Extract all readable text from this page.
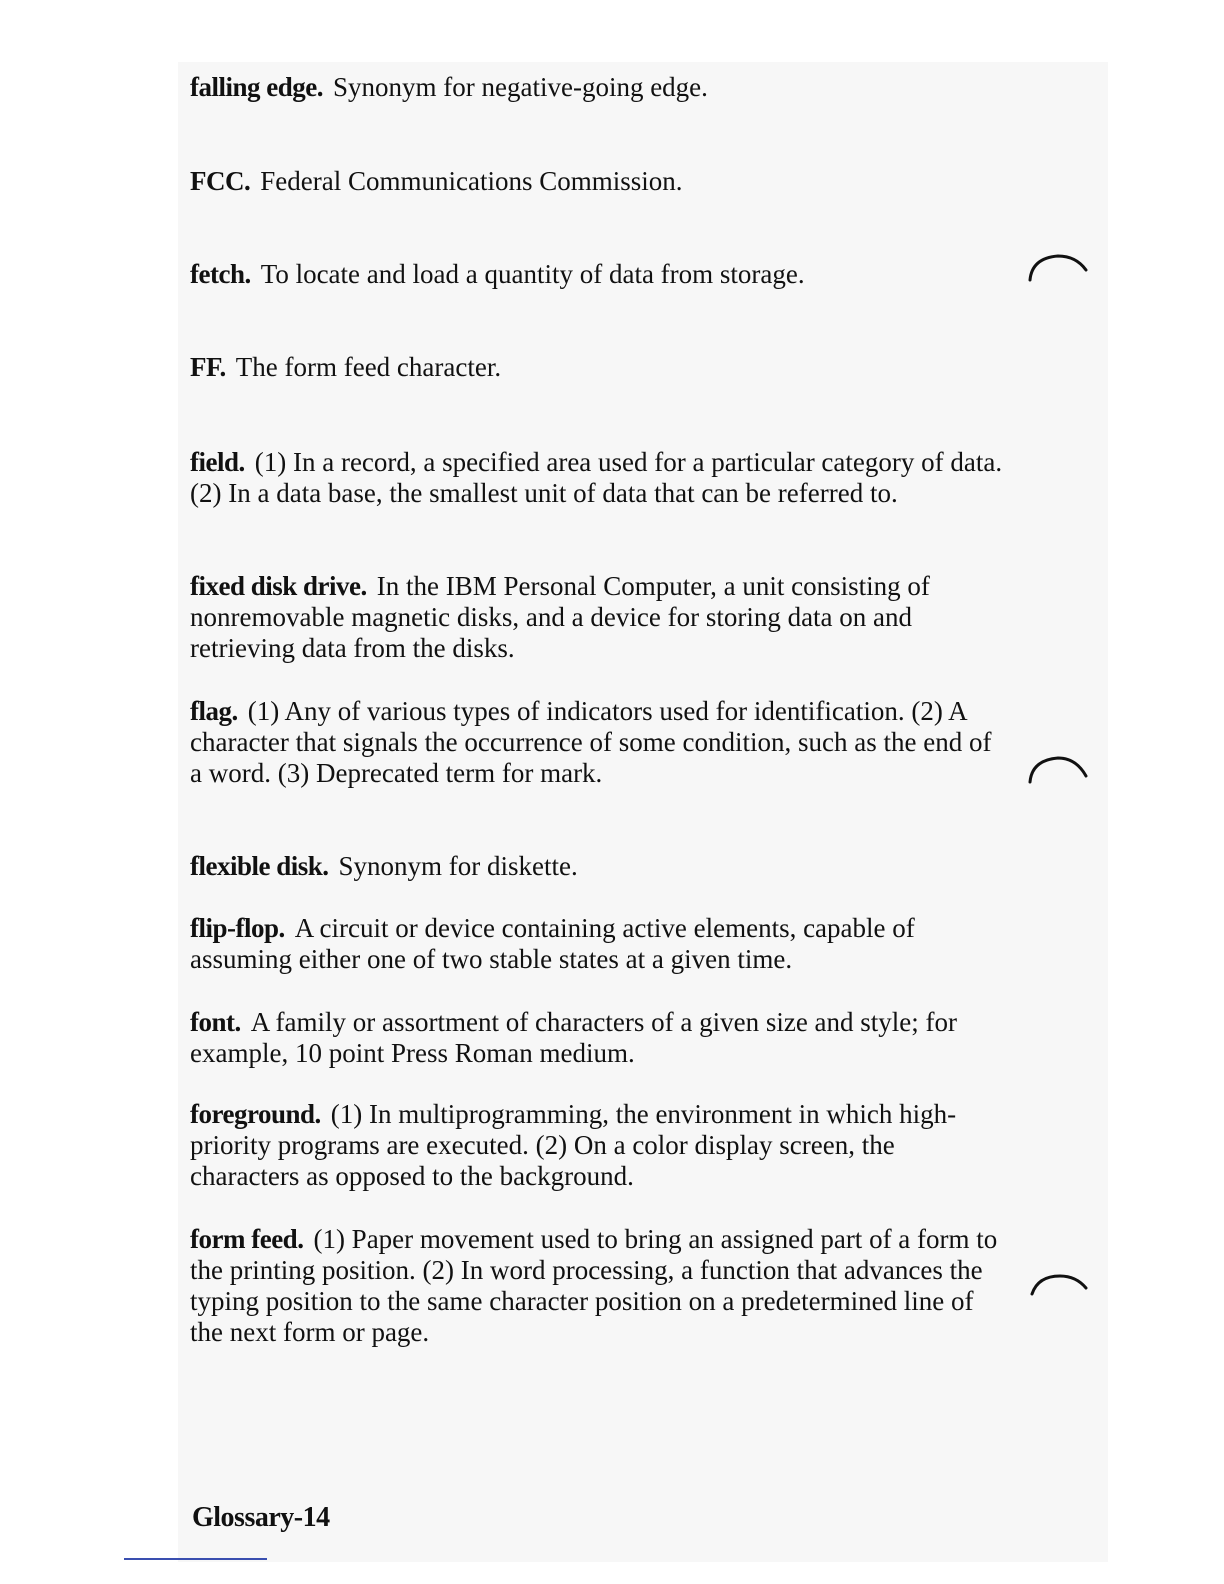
falling edge. Synonym for negative-going edge.

FCC. Federal Communications Commission.

fetch. To locate and load a quantity of data from storage.

FF. The form feed character.

field. (1) In a record, a specified area used for a particular category of data. (2) In a data base, the smallest unit of data that can be referred to.

fixed disk drive. In the IBM Personal Computer, a unit consisting of nonremovable magnetic disks, and a device for storing data on and retrieving data from the disks.

flag. (1) Any of various types of indicators used for identification. (2) A character that signals the occurrence of some condition, such as the end of a word. (3) Deprecated term for mark.

flexible disk. Synonym for diskette.

flip-flop. A circuit or device containing active elements, capable of assuming either one of two stable states at a given time.

font. A family or assortment of characters of a given size and style; for example, 10 point Press Roman medium.

foreground. (1) In multiprogramming, the environment in which high-priority programs are executed. (2) On a color display screen, the characters as opposed to the background.

form feed. (1) Paper movement used to bring an assigned part of a form to the printing position. (2) In word processing, a function that advances the typing position to the same character position on a predetermined line of the next form or page.

Glossary-14
